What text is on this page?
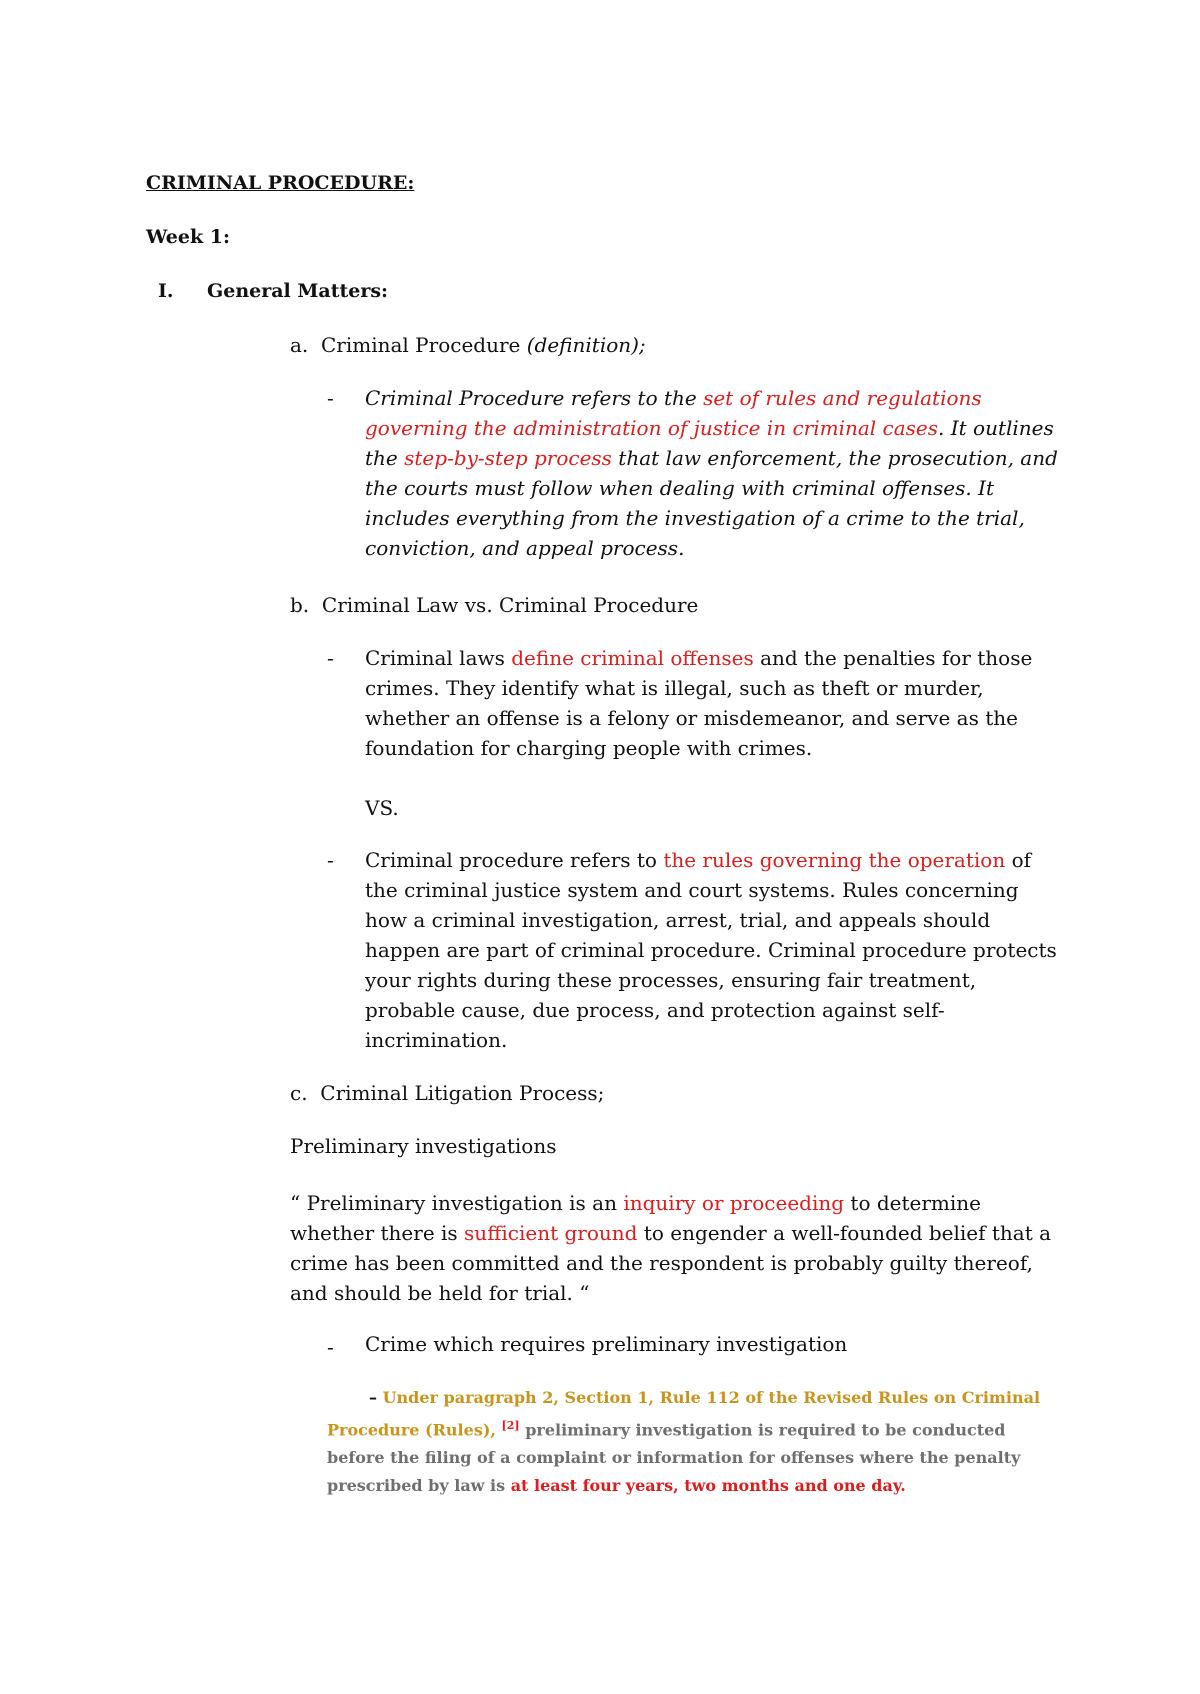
CRIMINAL PROCEDURE:

Week 1:

I. General Matters:

a. Criminal Procedure (definition);

- Criminal Procedure refers to the set of rules and regulations governing the administration of justice in criminal cases. It outlines the step-by-step process that law enforcement, the prosecution, and the courts must follow when dealing with criminal offenses. It includes everything from the investigation of a crime to the trial, conviction, and appeal process.

b. Criminal Law vs. Criminal Procedure

- Criminal laws define criminal offenses and the penalties for those crimes. They identify what is illegal, such as theft or murder, whether an offense is a felony or misdemeanor, and serve as the foundation for charging people with crimes.

VS.

- Criminal procedure refers to the rules governing the operation of the criminal justice system and court systems. Rules concerning how a criminal investigation, arrest, trial, and appeals should happen are part of criminal procedure. Criminal procedure protects your rights during these processes, ensuring fair treatment, probable cause, due process, and protection against self-incrimination.

c. Criminal Litigation Process;

Preliminary investigations

“ Preliminary investigation is an inquiry or proceeding to determine whether there is sufficient ground to engender a well-founded belief that a crime has been committed and the respondent is probably guilty thereof, and should be held for trial. “

- Crime which requires preliminary investigation

– Under paragraph 2, Section 1, Rule 112 of the Revised Rules on Criminal Procedure (Rules), [2] preliminary investigation is required to be conducted before the filing of a complaint or information for offenses where the penalty prescribed by law is at least four years, two months and one day.
